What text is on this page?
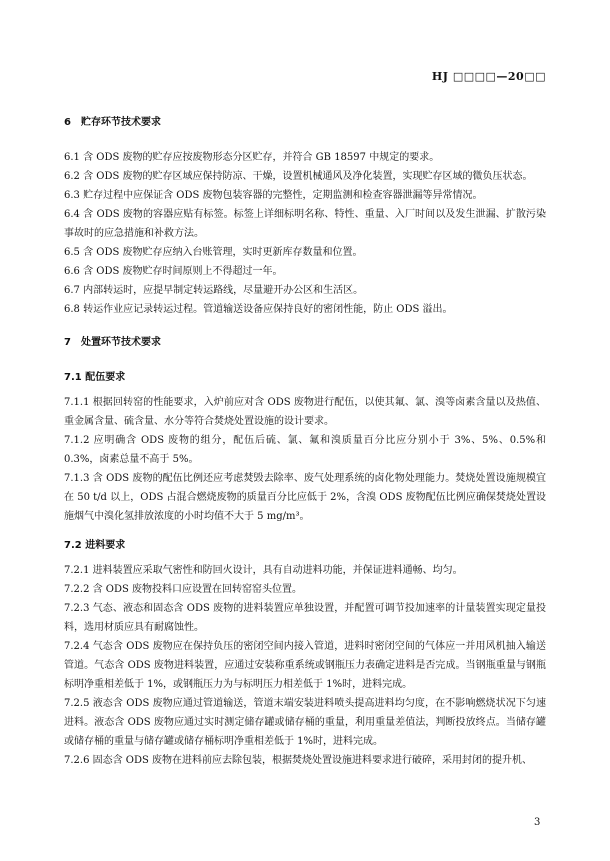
HJ □□□□—20□□

6　贮存环节技术要求

6.1 含 ODS 废物的贮存应按废物形态分区贮存，并符合 GB 18597 中规定的要求。

6.2 含 ODS 废物的贮存区域应保持防凉、干燥，设置机械通风及净化装置，实现贮存区域的微负压状态。

6.3 贮存过程中应保证含 ODS 废物包装容器的完整性，定期监测和检查容器泄漏等异常情况。

6.4 含 ODS 废物的容器应贴有标签。标签上详细标明名称、特性、重量、入厂时间以及发生泄漏、扩散污染事故时的应急措施和补救方法。

6.5 含 ODS 废物贮存应纳入台账管理，实时更新库存数量和位置。

6.6 含 ODS 废物贮存时间原则上不得超过一年。

6.7 内部转运时，应提早制定转运路线，尽量避开办公区和生活区。

6.8 转运作业应记录转运过程。管道输送设备应保持良好的密闭性能，防止 ODS 溢出。

7　处置环节技术要求

7.1 配伍要求

7.1.1 根据回转窑的性能要求，入炉前应对含 ODS 废物进行配伍，以使其氟、氯、溴等卤素含量以及热值、重金属含量、硫含量、水分等符合焚烧处置设施的设计要求。

7.1.2 应明确含 ODS 废物的组分，配伍后硫、氯、氟和溴质量百分比应分别小于 3%、5%、0.5%和 0.3%，卤素总量不高于 5%。

7.1.3 含 ODS 废物的配伍比例还应考虑焚毁去除率、废气处理系统的卤化物处理能力。焚烧处置设施规模宜在 50 t/d 以上，ODS 占混合燃烧废物的质量百分比应低于 2%，含溴 ODS 废物配伍比例应确保焚烧处置设施烟气中溴化氢排放浓度的小时均值不大于 5 mg/m³。

7.2 进料要求

7.2.1 进料装置应采取气密性和防回火设计，具有自动进料功能，并保证进料通畅、均匀。

7.2.2 含 ODS 废物投料口应设置在回转窑窑头位置。

7.2.3 气态、液态和固态含 ODS 废物的进料装置应单独设置，并配置可调节投加速率的计量装置实现定量投料，选用材质应具有耐腐蚀性。

7.2.4 气态含 ODS 废物应在保持负压的密闭空间内接入管道，进料时密闭空间的气体应一并用风机抽入输送管道。气态含 ODS 废物进料装置，应通过安装称重系统或钢瓶压力表确定进料是否完成。当钢瓶重量与钢瓶标明净重相差低于 1%，或钢瓶压力为与标明压力相差低于 1%时，进料完成。

7.2.5 液态含 ODS 废物应通过管道输送，管道末端安装进料喷头提高进料均匀度，在不影响燃烧状况下匀速进料。液态含 ODS 废物应通过实时测定储存罐或储存桶的重量，利用重量差值法，判断投放终点。当储存罐或储存桶的重量与储存罐或储存桶标明净重相差低于 1%时，进料完成。

7.2.6 固态含 ODS 废物在进料前应去除包装，根据焚烧处置设施进料要求进行破碎，采用封闭的提升机、

3
